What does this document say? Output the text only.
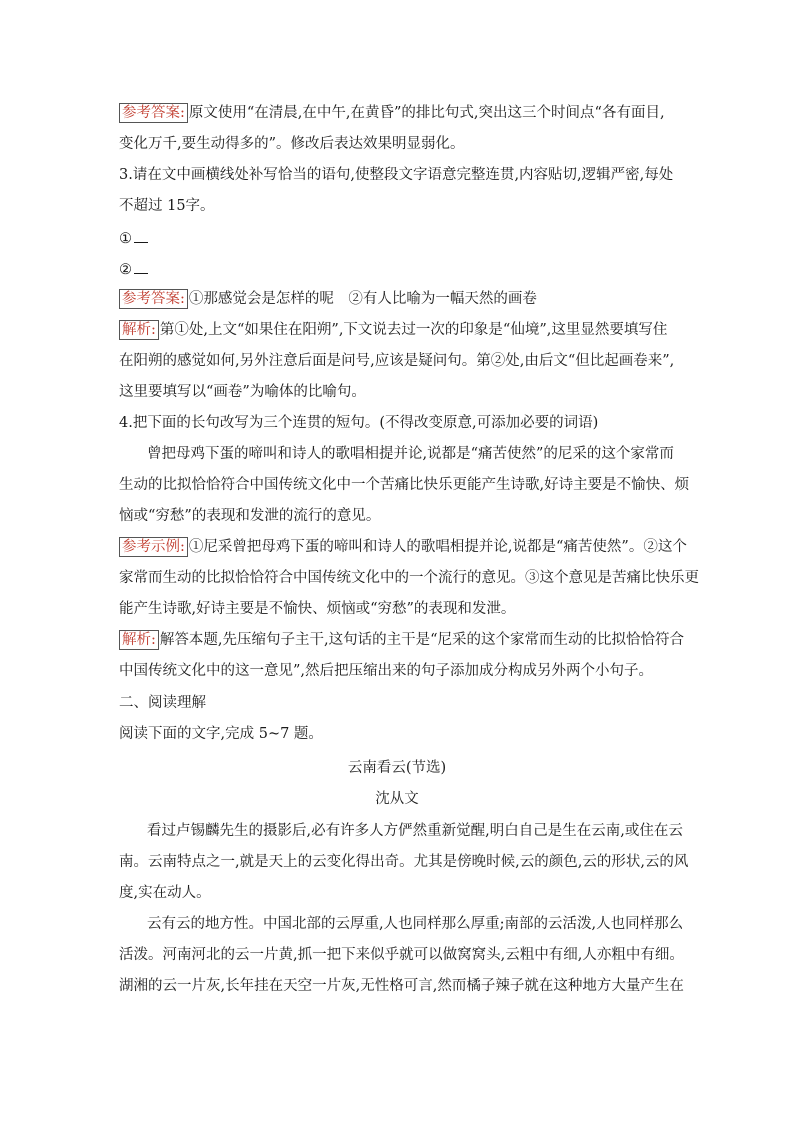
参考答案: 原文使用“在清晨,在中午,在黄昏”的排比句式,突出这三个时间点“各有面目,
变化万千,要生动得多的”。修改后表达效果明显弱化。
3.请在文中画横线处补写恰当的语句,使整段文字语意完整连贯,内容贴切,逻辑严密,每处
不超过 15字。
①
②
参考答案: ①那感觉会是怎样的呢　②有人比喻为一幅天然的画卷
解析: 第①处,上文“如果住在阳朔”,下文说去过一次的印象是“仙境”,这里显然要填写住
在阳朔的感觉如何,另外注意后面是问号,应该是疑问句。第②处,由后文“但比起画卷来”,
这里要填写以“画卷”为喻体的比喻句。
4.把下面的长句改写为三个连贯的短句。(不得改变原意,可添加必要的词语)
曾把母鸡下蛋的啼叫和诗人的歌唱相提并论,说都是“痛苦使然”的尼采的这个家常而
生动的比拟恰恰符合中国传统文化中一个苦痛比快乐更能产生诗歌,好诗主要是不愉快、烦
恼或“穷愁”的表现和发泄的流行的意见。
参考示例: ①尼采曾把母鸡下蛋的啼叫和诗人的歌唱相提并论,说都是“痛苦使然”。②这个
家常而生动的比拟恰恰符合中国传统文化中的一个流行的意见。③这个意见是苦痛比快乐更
能产生诗歌,好诗主要是不愉快、烦恼或“穷愁”的表现和发泄。
解析: 解答本题,先压缩句子主干,这句话的主干是“尼采的这个家常而生动的比拟恰恰符合
中国传统文化中的这一意见”,然后把压缩出来的句子添加成分构成另外两个小句子。
二、阅读理解
阅读下面的文字,完成 5~7 题。
云南看云(节选)
沈从文
看过卢锡麟先生的摄影后,必有许多人方俨然重新觉醒,明白自己是生在云南,或住在云
南。云南特点之一,就是天上的云变化得出奇。尤其是傍晚时候,云的颜色,云的形状,云的风
度,实在动人。
云有云的地方性。中国北部的云厚重,人也同样那么厚重;南部的云活泼,人也同样那么
活泼。河南河北的云一片黄,抓一把下来似乎就可以做窝窝头,云粗中有细,人亦粗中有细。
湖湘的云一片灰,长年挂在天空一片灰,无性格可言,然而橘子辣子就在这种地方大量产生在
